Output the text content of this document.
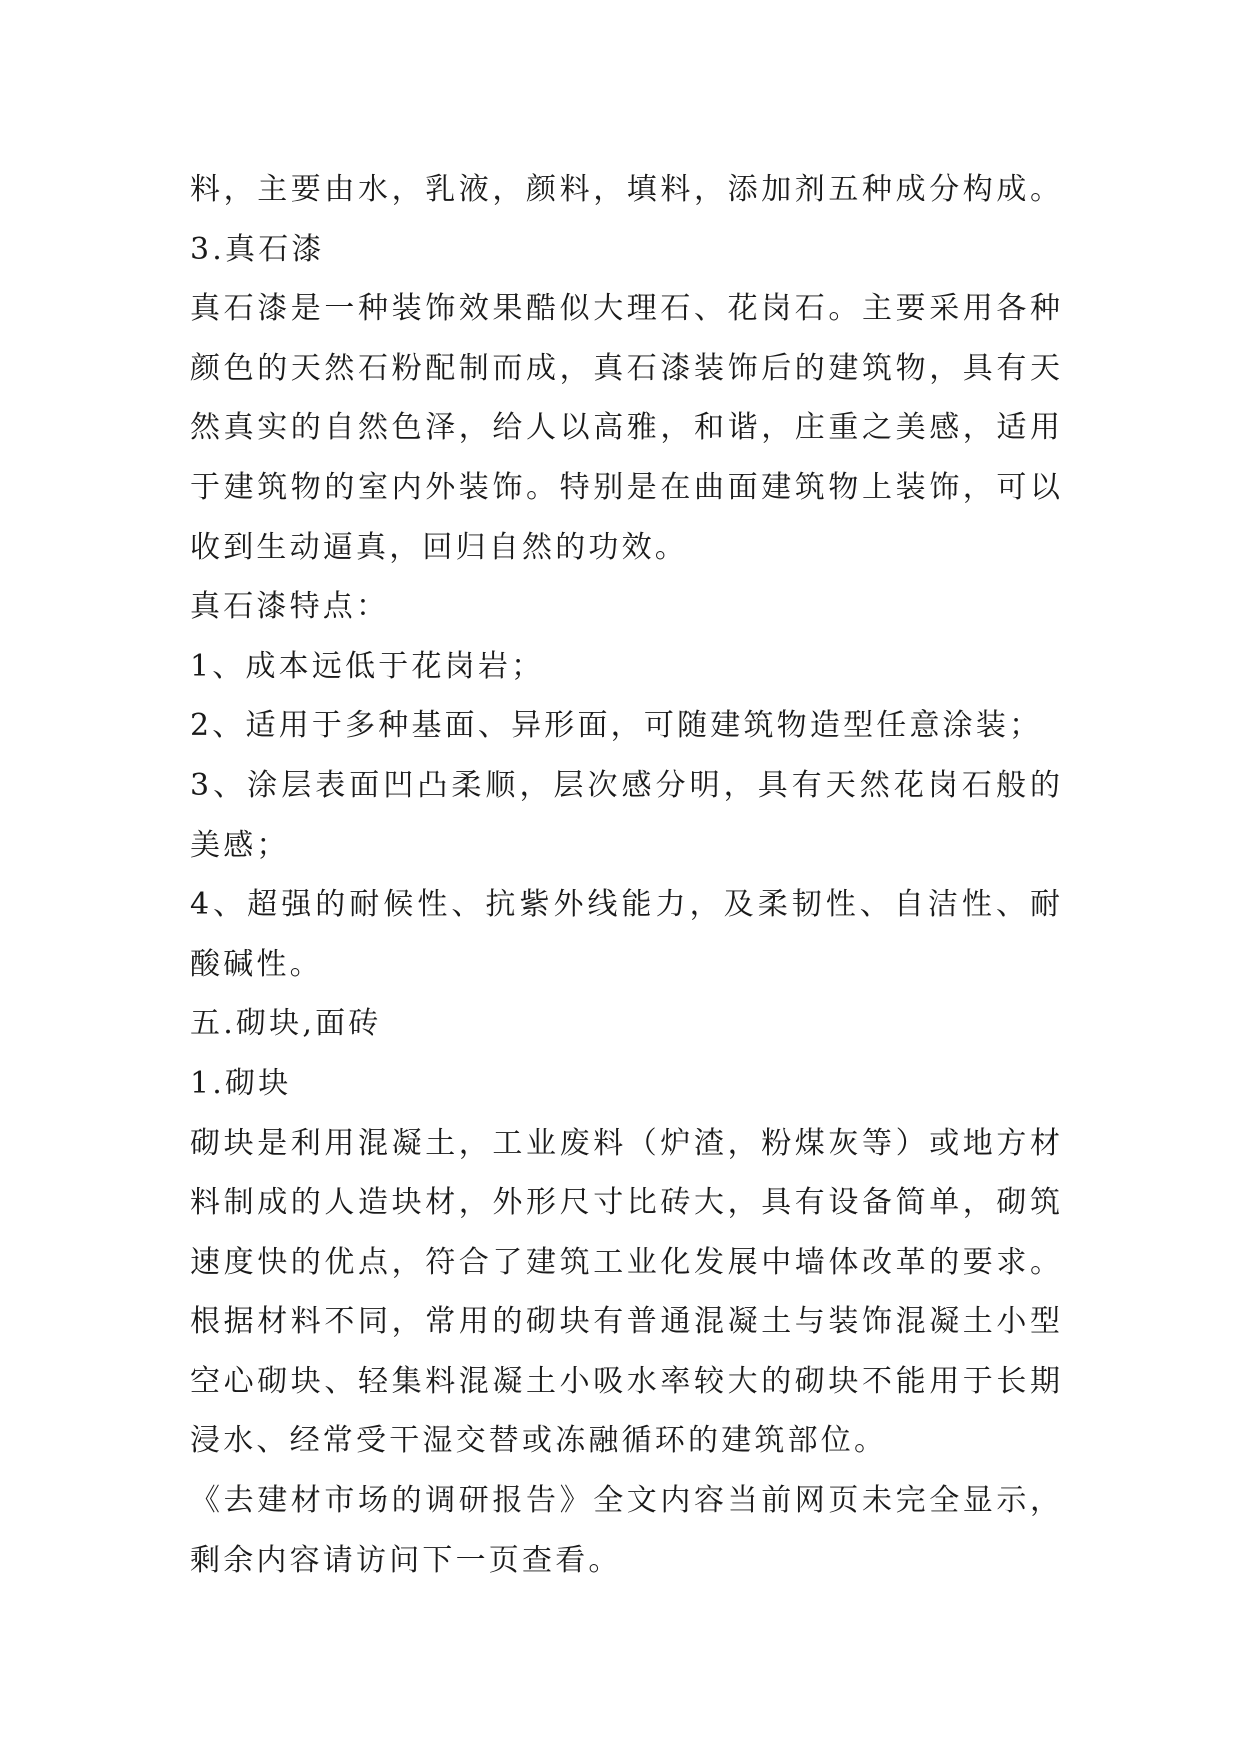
料，主要由水，乳液，颜料，填料，添加剂五种成分构成。

3.真石漆

真石漆是一种装饰效果酷似大理石、花岗石。主要采用各种

颜色的天然石粉配制而成，真石漆装饰后的建筑物，具有天

然真实的自然色泽，给人以高雅，和谐，庄重之美感，适用

于建筑物的室内外装饰。特别是在曲面建筑物上装饰，可以

收到生动逼真，回归自然的功效。

真石漆特点：

1、成本远低于花岗岩；

2、适用于多种基面、异形面，可随建筑物造型任意涂装；

3、涂层表面凹凸柔顺，层次感分明，具有天然花岗石般的

美感；

4、超强的耐候性、抗紫外线能力，及柔韧性、自洁性、耐

酸碱性。

五.砌块,面砖

1.砌块

砌块是利用混凝土，工业废料（炉渣，粉煤灰等）或地方材

料制成的人造块材，外形尺寸比砖大，具有设备简单，砌筑

速度快的优点，符合了建筑工业化发展中墙体改革的要求。

根据材料不同，常用的砌块有普通混凝土与装饰混凝土小型

空心砌块、轻集料混凝土小吸水率较大的砌块不能用于长期

浸水、经常受干湿交替或冻融循环的建筑部位。

《去建材市场的调研报告》全文内容当前网页未完全显示，

剩余内容请访问下一页查看。
